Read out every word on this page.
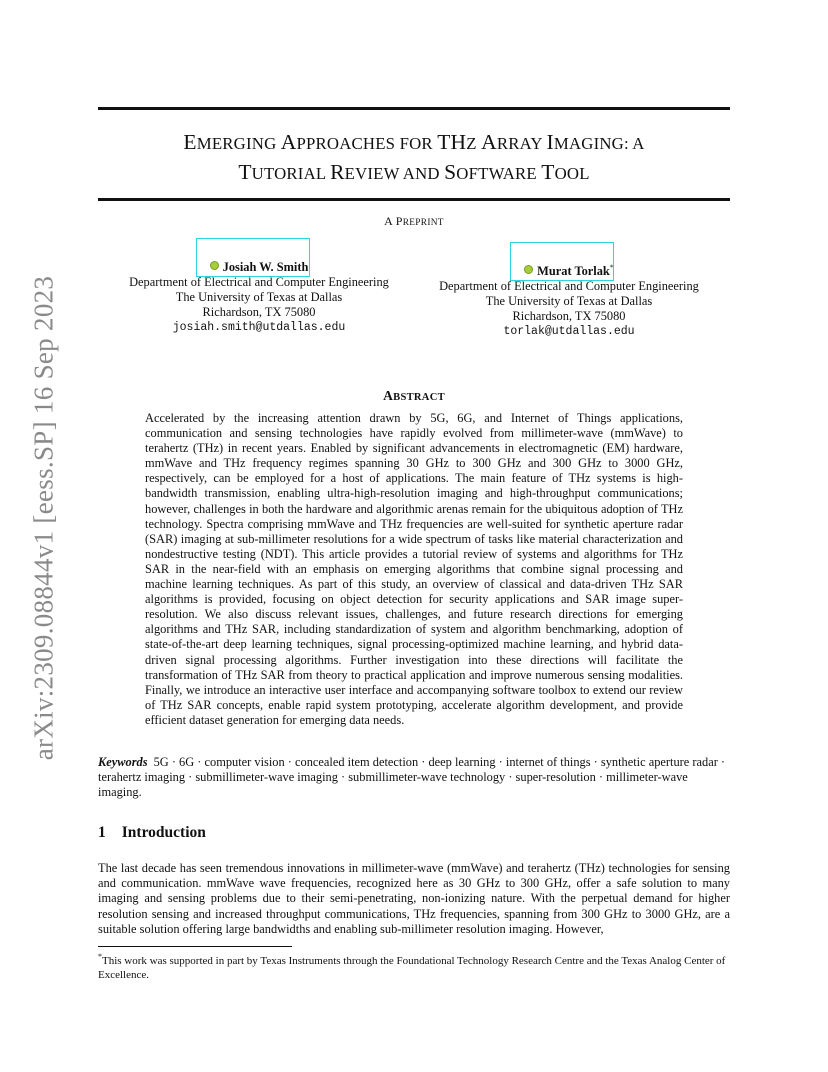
arXiv:2309.08844v1 [eess.SP] 16 Sep 2023
EMERGING APPROACHES FOR THZ ARRAY IMAGING: A
TUTORIAL REVIEW AND SOFTWARE TOOL
A PREPRINT
Josiah W. Smith
Department of Electrical and Computer Engineering
The University of Texas at Dallas
Richardson, TX 75080
josiah.smith@utdallas.edu
Murat Torlak*
Department of Electrical and Computer Engineering
The University of Texas at Dallas
Richardson, TX 75080
torlak@utdallas.edu
ABSTRACT
Accelerated by the increasing attention drawn by 5G, 6G, and Internet of Things applications, communication and sensing technologies have rapidly evolved from millimeter-wave (mmWave) to terahertz (THz) in recent years. Enabled by significant advancements in electromagnetic (EM) hardware, mmWave and THz frequency regimes spanning 30 GHz to 300 GHz and 300 GHz to 3000 GHz, respectively, can be employed for a host of applications. The main feature of THz systems is high-bandwidth transmission, enabling ultra-high-resolution imaging and high-throughput communications; however, challenges in both the hardware and algorithmic arenas remain for the ubiquitous adoption of THz technology. Spectra comprising mmWave and THz frequencies are well-suited for synthetic aperture radar (SAR) imaging at sub-millimeter resolutions for a wide spectrum of tasks like material characterization and nondestructive testing (NDT). This article provides a tutorial review of systems and algorithms for THz SAR in the near-field with an emphasis on emerging algorithms that combine signal processing and machine learning techniques. As part of this study, an overview of classical and data-driven THz SAR algorithms is provided, focusing on object detection for security applications and SAR image super-resolution. We also discuss relevant issues, challenges, and future research directions for emerging algorithms and THz SAR, including standardization of system and algorithm benchmarking, adoption of state-of-the-art deep learning techniques, signal processing-optimized machine learning, and hybrid data-driven signal processing algorithms. Further investigation into these directions will facilitate the transformation of THz SAR from theory to practical application and improve numerous sensing modalities. Finally, we introduce an interactive user interface and accompanying software toolbox to extend our review of THz SAR concepts, enable rapid system prototyping, accelerate algorithm development, and provide efficient dataset generation for emerging data needs.
Keywords 5G · 6G · computer vision · concealed item detection · deep learning · internet of things · synthetic aperture radar · terahertz imaging · submillimeter-wave imaging · submillimeter-wave technology · super-resolution · millimeter-wave imaging.
1 Introduction
The last decade has seen tremendous innovations in millimeter-wave (mmWave) and terahertz (THz) technologies for sensing and communication. mmWave wave frequencies, recognized here as 30 GHz to 300 GHz, offer a safe solution to many imaging and sensing problems due to their semi-penetrating, non-ionizing nature. With the perpetual demand for higher resolution sensing and increased throughput communications, THz frequencies, spanning from 300 GHz to 3000 GHz, are a suitable solution offering large bandwidths and enabling sub-millimeter resolution imaging. However,
*This work was supported in part by Texas Instruments through the Foundational Technology Research Centre and the Texas Analog Center of Excellence.
